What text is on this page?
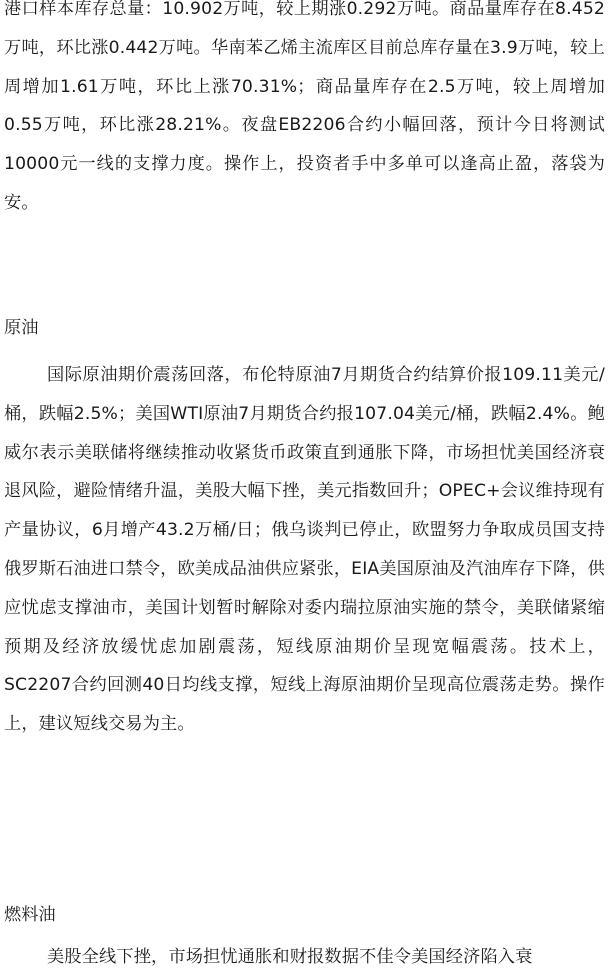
港口样本库存总量：10.902万吨，较上期涨0.292万吨。商品量库存在8.452万吨，环比涨0.442万吨。华南苯乙烯主流库区目前总库存量在3.9万吨，较上周增加1.61万吨，环比上涨70.31%；商品量库存在2.5万吨，较上周增加0.55万吨，环比涨28.21%。夜盘EB2206合约小幅回落，预计今日将测试10000元一线的支撑力度。操作上，投资者手中多单可以逢高止盈，落袋为安。

原油

国际原油期价震荡回落，布伦特原油7月期货合约结算价报109.11美元/桶，跌幅2.5%；美国WTI原油7月期货合约报107.04美元/桶，跌幅2.4%。鲍威尔表示美联储将继续推动收紧货币政策直到通胀下降，市场担忧美国经济衰退风险，避险情绪升温，美股大幅下挫，美元指数回升；OPEC+会议维持现有产量协议，6月增产43.2万桶/日；俄乌谈判已停止，欧盟努力争取成员国支持俄罗斯石油进口禁令，欧美成品油供应紧张，EIA美国原油及汽油库存下降，供应忧虑支撑油市，美国计划暂时解除对委内瑞拉原油实施的禁令，美联储紧缩预期及经济放缓忧虑加剧震荡，短线原油期价呈现宽幅震荡。技术上，SC2207合约回测40日均线支撑，短线上海原油期价呈现高位震荡走势。操作上，建议短线交易为主。

燃料油

美股全线下挫，市场担忧通胀和财报数据不佳令美国经济陷入衰
